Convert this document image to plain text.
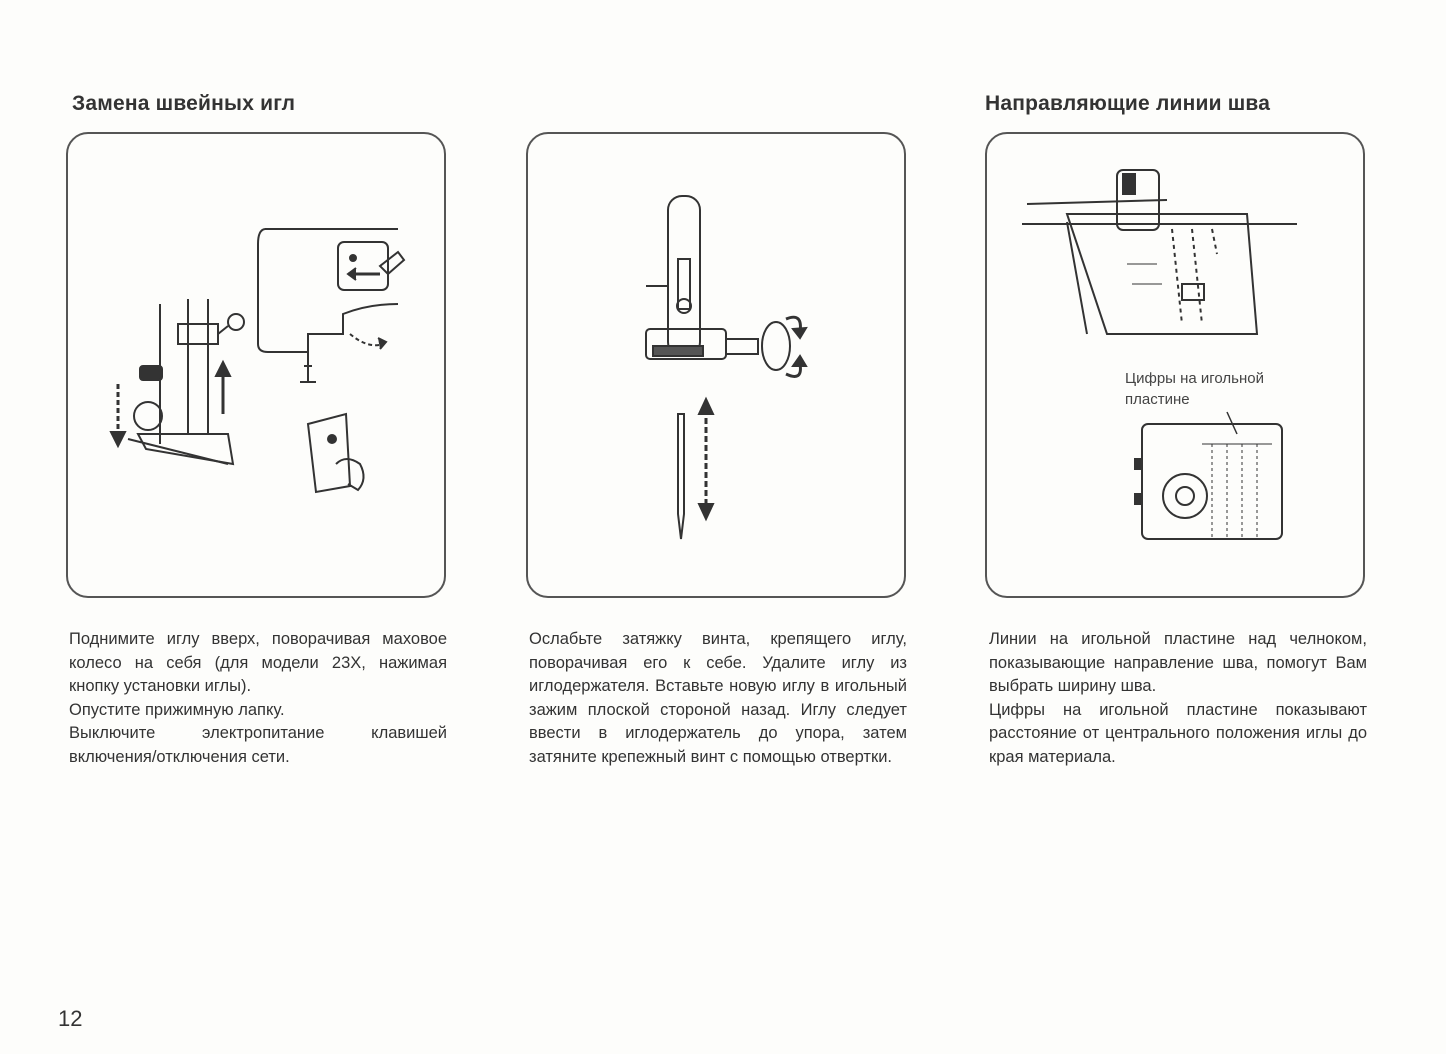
Замена швейных игл	Направляющие линии шва

Цифры на игольной
пластине

Поднимите иглу вверх, поворачивая маховое колесо на себя (для модели 23X, нажимая кнопку установки иглы).

Опустите прижимную лапку.

Выключите электропитание клавишей включения/отключения сети.

Ослабьте затяжку винта, крепящего иглу, поворачивая его к себе. Удалите иглу из иглодержателя. Вставьте новую иглу в игольный зажим плоской стороной назад. Иглу следует ввести в иглодержатель до упора, затем затяните крепежный винт с помощью отвертки.

Линии на игольной пластине над челноком, показывающие направление шва, помогут Вам выбрать ширину шва.

Цифры на игольной пластине показывают расстояние от центрального положения иглы до края материала.

12
